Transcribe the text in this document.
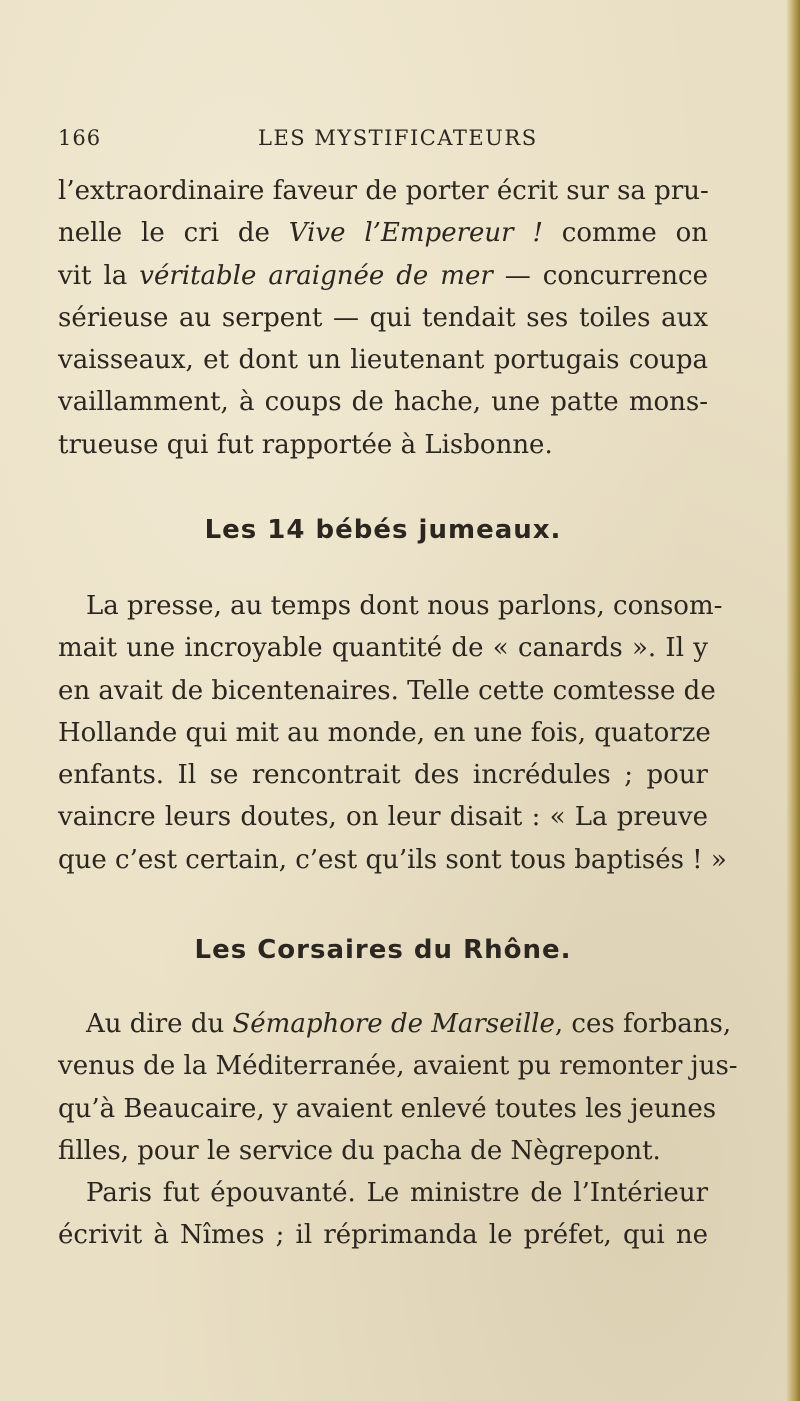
166	LES MYSTIFICATEURS
l’extraordinaire faveur de porter écrit sur sa pru-
nelle le cri de Vive l’Empereur ! comme on
vit la véritable araignée de mer — concurrence
sérieuse au serpent — qui tendait ses toiles aux
vaisseaux, et dont un lieutenant portugais coupa
vaillamment, à coups de hache, une patte mons-
trueuse qui fut rapportée à Lisbonne.
Les 14 bébés jumeaux.
La presse, au temps dont nous parlons, consom-
mait une incroyable quantité de « canards ». Il y
en avait de bicentenaires. Telle cette comtesse de
Hollande qui mit au monde, en une fois, quatorze
enfants. Il se rencontrait des incrédules ; pour
vaincre leurs doutes, on leur disait : « La preuve
que c’est certain, c’est qu’ils sont tous baptisés ! »
Les Corsaires du Rhône.
Au dire du Sémaphore de Marseille, ces forbans,
venus de la Méditerranée, avaient pu remonter jus-
qu’à Beaucaire, y avaient enlevé toutes les jeunes
filles, pour le service du pacha de Nègrepont.
Paris fut épouvanté. Le ministre de l’Intérieur
écrivit à Nîmes ; il réprimanda le préfet, qui ne
